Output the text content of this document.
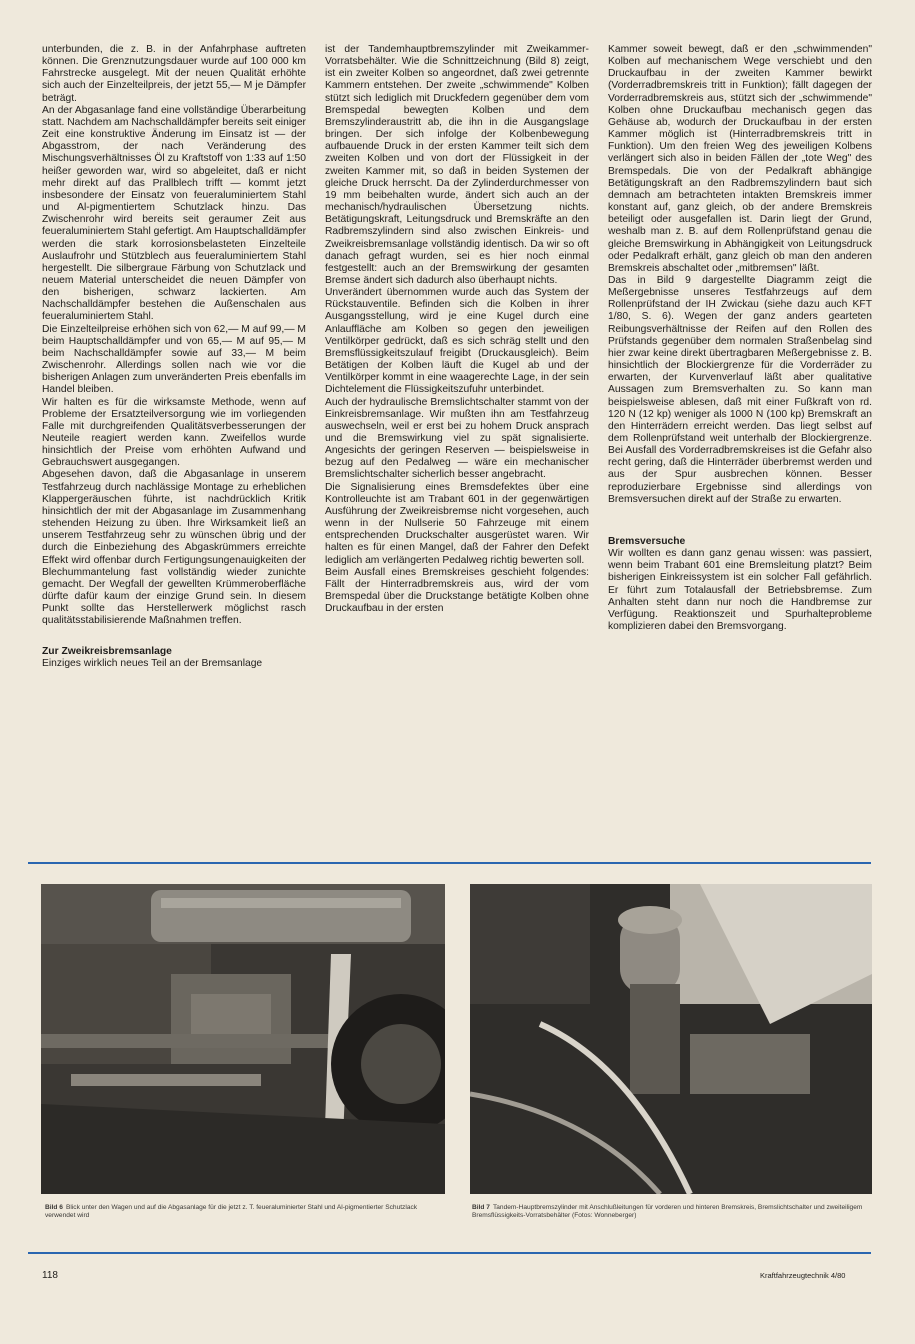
unterbunden, die z. B. in der Anfahrphase auftreten können. Die Grenznutzungsdauer wurde auf 100 000 km Fahrstrecke ausgelegt. Mit der neuen Qualität erhöhte sich auch der Einzelteilpreis, der jetzt 55,— M je Dämpfer beträgt.

An der Abgasanlage fand eine vollständige Überarbeitung statt. Nachdem am Nachschalldämpfer bereits seit einiger Zeit eine konstruktive Änderung im Einsatz ist — der Abgasstrom, der nach Veränderung des Mischungsverhältnisses Öl zu Kraftstoff von 1:33 auf 1:50 heißer geworden war, wird so abgeleitet, daß er nicht mehr direkt auf das Prallblech trifft — kommt jetzt insbesondere der Einsatz von feueraluminiertem Stahl und Al-pigmentiertem Schutzlack hinzu. Das Zwischenrohr wird bereits seit geraumer Zeit aus feueraluminiertem Stahl gefertigt. Am Hauptschalldämpfer werden die stark korrosionsbelasteten Einzelteile Auslaufrohr und Stützblech aus feueraluminiertem Stahl hergestellt. Die silbergraue Färbung von Schutzlack und neuem Material unterscheidet die neuen Dämpfer von den bisherigen, schwarz lackierten. Am Nachschalldämpfer bestehen die Außenschalen aus feueraluminiertem Stahl.

Die Einzelteilpreise erhöhen sich von 62,— M auf 99,— M beim Hauptschalldämpfer und von 65,— M auf 95,— M beim Nachschalldämpfer sowie auf 33,— M beim Zwischenrohr. Allerdings sollen nach wie vor die bisherigen Anlagen zum unveränderten Preis ebenfalls im Handel bleiben.

Wir halten es für die wirksamste Methode, wenn auf Probleme der Ersatzteilversorgung wie im vorliegenden Falle mit durchgreifenden Qualitätsverbesserungen der Neuteile reagiert werden kann. Zweifellos wurde hinsichtlich der Preise vom erhöhten Aufwand und Gebrauchswert ausgegangen.

Abgesehen davon, daß die Abgasanlage in unserem Testfahrzeug durch nachlässige Montage zu erheblichen Klappergeräuschen führte, ist nachdrücklich Kritik hinsichtlich der mit der Abgasanlage im Zusammenhang stehenden Heizung zu üben. Ihre Wirksamkeit ließ an unserem Testfahrzeug sehr zu wünschen übrig und der durch die Einbeziehung des Abgaskrümmers erreichte Effekt wird offenbar durch Fertigungsungenauigkeiten der Blechummantelung fast vollständig wieder zunichte gemacht. Der Wegfall der gewellten Krümmeroberfläche dürfte dafür kaum der einzige Grund sein. In diesem Punkt sollte das Herstellerwerk möglichst rasch qualitätsstabilisierende Maßnahmen treffen.

Zur Zweikreisbremsanlage

Einziges wirklich neues Teil an der Bremsanlage

ist der Tandemhauptbremszylinder mit Zweikammer-Vorratsbehälter. Wie die Schnittzeichnung (Bild 8) zeigt, ist ein zweiter Kolben so angeordnet, daß zwei getrennte Kammern entstehen. Der zweite „schwimmende" Kolben stützt sich lediglich mit Druckfedern gegenüber dem vom Bremspedal bewegten Kolben und dem Bremszylinderaustritt ab, die ihn in die Ausgangslage bringen. Der sich infolge der Kolbenbewegung aufbauende Druck in der ersten Kammer teilt sich dem zweiten Kolben und von dort der Flüssigkeit in der zweiten Kammer mit, so daß in beiden Systemen der gleiche Druck herrscht. Da der Zylinderdurchmesser von 19 mm beibehalten wurde, ändert sich auch an der mechanisch/hydraulischen Übersetzung nichts. Betätigungskraft, Leitungsdruck und Bremskräfte an den Radbremszylindern sind also zwischen Einkreis- und Zweikreisbremsanlage vollständig identisch. Da wir so oft danach gefragt wurden, sei es hier noch einmal festgestellt: auch an der Bremswirkung der gesamten Bremse ändert sich dadurch also überhaupt nichts.

Unverändert übernommen wurde auch das System der Rückstauventile. Befinden sich die Kolben in ihrer Ausgangsstellung, wird je eine Kugel durch eine Anlauffläche am Kolben so gegen den jeweiligen Ventilkörper gedrückt, daß es sich schräg stellt und den Bremsflüssigkeitszulauf freigibt (Druckausgleich). Beim Betätigen der Kolben läuft die Kugel ab und der Ventilkörper kommt in eine waagerechte Lage, in der sein Dichtelement die Flüssigkeitszufuhr unterbindet.

Auch der hydraulische Bremslichtschalter stammt von der Einkreisbremsanlage. Wir mußten ihn am Testfahrzeug auswechseln, weil er erst bei zu hohem Druck ansprach und die Bremswirkung viel zu spät signalisierte. Angesichts der geringen Reserven — beispielsweise in bezug auf den Pedalweg — wäre ein mechanischer Bremslichtschalter sicherlich besser angebracht.

Die Signalisierung eines Bremsdefektes über eine Kontrolleuchte ist am Trabant 601 in der gegenwärtigen Ausführung der Zweikreisbremse nicht vorgesehen, auch wenn in der Nullserie 50 Fahrzeuge mit einem entsprechenden Druckschalter ausgerüstet waren. Wir halten es für einen Mangel, daß der Fahrer den Defekt lediglich am verlängerten Pedalweg richtig bewerten soll.

Beim Ausfall eines Bremskreises geschieht folgendes: Fällt der Hinterradbremskreis aus, wird der vom Bremspedal über die Druckstange betätigte Kolben ohne Druckaufbau in der ersten

Kammer soweit bewegt, daß er den „schwimmenden" Kolben auf mechanischem Wege verschiebt und den Druckaufbau in der zweiten Kammer bewirkt (Vorderradbremskreis tritt in Funktion); fällt dagegen der Vorderradbremskreis aus, stützt sich der „schwimmende" Kolben ohne Druckaufbau mechanisch gegen das Gehäuse ab, wodurch der Druckaufbau in der ersten Kammer möglich ist (Hinterradbremskreis tritt in Funktion). Um den freien Weg des jeweiligen Kolbens verlängert sich also in beiden Fällen der „tote Weg" des Bremspedals. Die von der Pedalkraft abhängige Betätigungskraft an den Radbremszylindern baut sich demnach am betrachteten intakten Bremskreis immer konstant auf, ganz gleich, ob der andere Bremskreis beteiligt oder ausgefallen ist. Darin liegt der Grund, weshalb man z. B. auf dem Rollenprüfstand genau die gleiche Bremswirkung in Abhängigkeit von Leitungsdruck oder Pedalkraft erhält, ganz gleich ob man den anderen Bremskreis abschaltet oder „mitbremsen" läßt.

Das in Bild 9 dargestellte Diagramm zeigt die Meßergebnisse unseres Testfahrzeugs auf dem Rollenprüfstand der IH Zwickau (siehe dazu auch KFT 1/80, S. 6). Wegen der ganz anders gearteten Reibungsverhältnisse der Reifen auf den Rollen des Prüfstands gegenüber dem normalen Straßenbelag sind hier zwar keine direkt übertragbaren Meßergebnisse z. B. hinsichtlich der Blockiergrenze für die Vorderräder zu erwarten, der Kurvenverlauf läßt aber qualitative Aussagen zum Bremsverhalten zu. So kann man beispielsweise ablesen, daß mit einer Fußkraft von rd. 120 N (12 kp) weniger als 1000 N (100 kp) Bremskraft an den Hinterrädern erreicht werden. Das liegt selbst auf dem Rollenprüfstand weit unterhalb der Blockiergrenze. Bei Ausfall des Vorderradbremskreises ist die Gefahr also recht gering, daß die Hinterräder überbremst werden und aus der Spur ausbrechen können. Besser reproduzierbare Ergebnisse sind allerdings von Bremsversuchen direkt auf der Straße zu erwarten.

Bremsversuche

Wir wollten es dann ganz genau wissen: was passiert, wenn beim Trabant 601 eine Bremsleitung platzt? Beim bisherigen Einkreissystem ist ein solcher Fall gefährlich. Er führt zum Totalausfall der Betriebsbremse. Zum Anhalten steht dann nur noch die Handbremse zur Verfügung. Reaktionszeit und Spurhalteprobleme komplizieren dabei den Bremsvorgang.

Bild 6 Blick unter den Wagen und auf die Abgasanlage für die jetzt z. T. feueraluminierter Stahl und Al-pigmentierter Schutzlack verwendet wird
Bild 7 Tandem-Hauptbremszylinder mit Anschlußleitungen für vorderen und hinteren Bremskreis, Bremslichtschalter und zweiteiligem Bremsflüssigkeits-Vorratsbehälter (Fotos: Wonneberger)
118	Kraftfahrzeugtechnik 4/80
